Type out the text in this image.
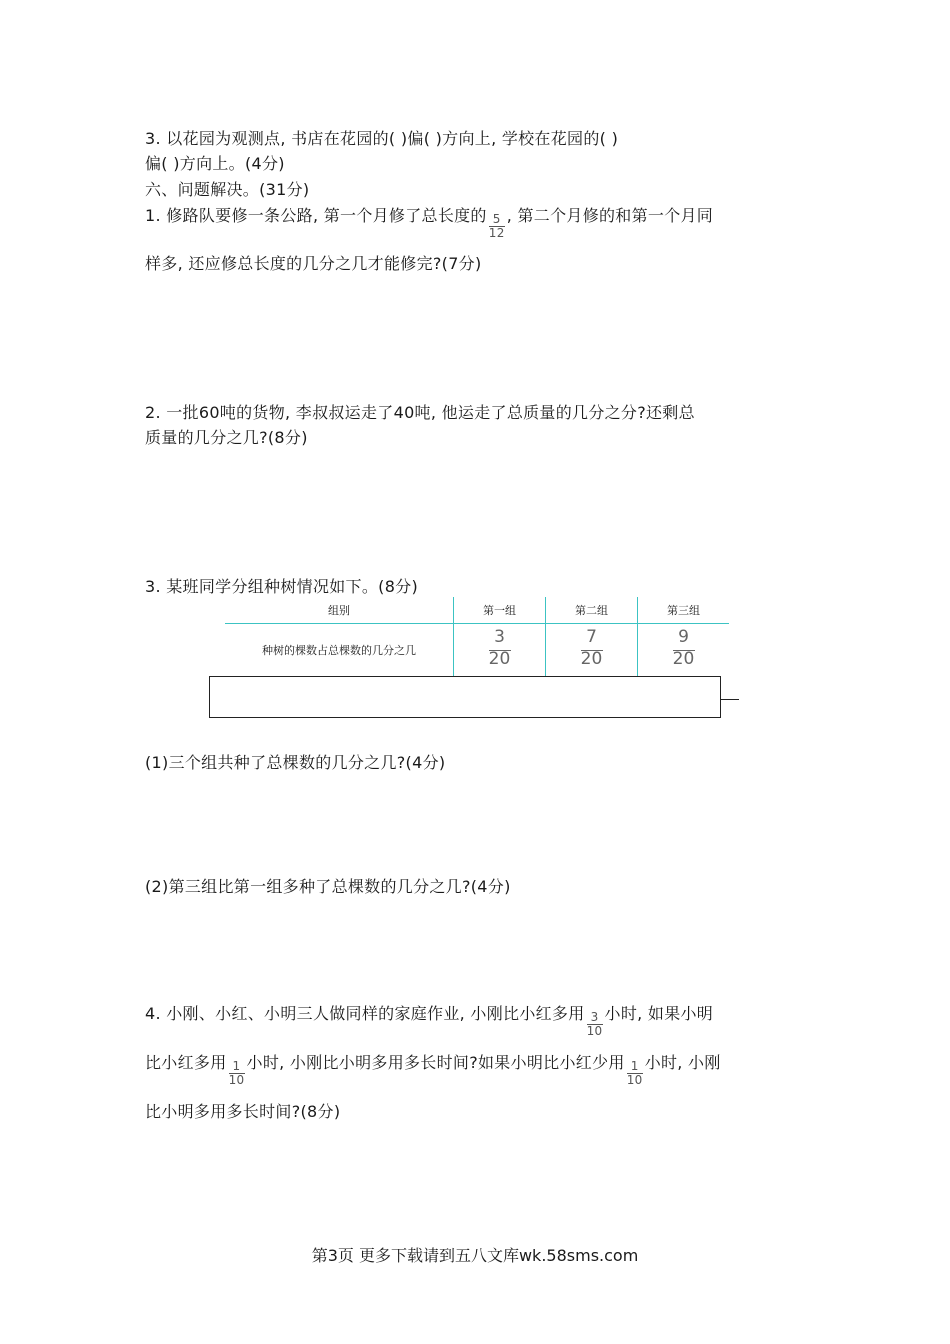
3. 以花园为观测点, 书店在花园的( )偏( )方向上, 学校在花园的( )
偏( )方向上。(4分)
六、问题解决。(31分)
1. 修路队要修一条公路, 第一个月修了总长度的 $\frac{5}{12}$ , 第二个月修的和第一个月同
样多, 还应修总长度的几分之几才能修完?(7分)
2. 一批60吨的货物, 李叔叔运走了40吨, 他运走了总质量的几分之分?还剩总
质量的几分之几?(8分)
3. 某班同学分组种树情况如下。(8分)
组别	第一组	第二组	第三组
种树的棵数占总棵数的几分之几	$\frac{3}{20}$	$\frac{7}{20}$	$\frac{9}{20}$
(1)三个组共种了总棵数的几分之几?(4分)
(2)第三组比第一组多种了总棵数的几分之几?(4分)
4. 小刚、小红、小明三人做同样的家庭作业, 小刚比小红多用 $\frac{3}{10}$ 小时, 如果小明
比小红多用 $\frac{1}{10}$ 小时, 小刚比小明多用多长时间?如果小明比小红少用 $\frac{1}{10}$ 小时, 小刚
比小明多用多长时间?(8分)
第3页 更多下载请到五八文库wk.58sms.com
